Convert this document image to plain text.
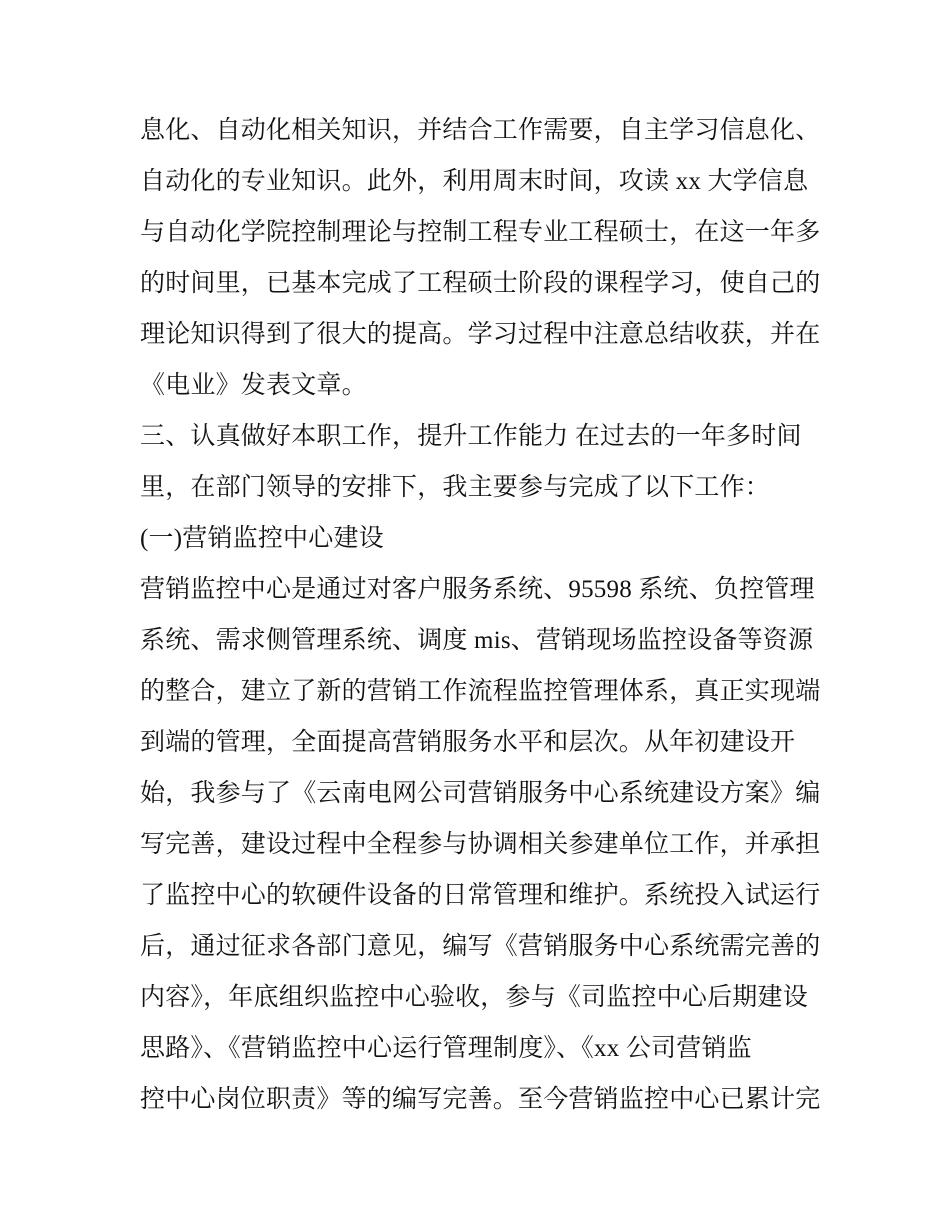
息化、自动化相关知识，并结合工作需要，自主学习信息化、
自动化的专业知识。此外，利用周末时间，攻读 xx 大学信息
与自动化学院控制理论与控制工程专业工程硕士，在这一年多
的时间里，已基本完成了工程硕士阶段的课程学习，使自己的
理论知识得到了很大的提高。学习过程中注意总结收获，并在
《电业》发表文章。
三、认真做好本职工作，提升工作能力 在过去的一年多时间
里，在部门领导的安排下，我主要参与完成了以下工作：
(一)营销监控中心建设
营销监控中心是通过对客户服务系统、95598 系统、负控管理
系统、需求侧管理系统、调度 mis、营销现场监控设备等资源
的整合，建立了新的营销工作流程监控管理体系，真正实现端
到端的管理，全面提高营销服务水平和层次。从年初建设开
始，我参与了《云南电网公司营销服务中心系统建设方案》编
写完善，建设过程中全程参与协调相关参建单位工作，并承担
了监控中心的软硬件设备的日常管理和维护。系统投入试运行
后，通过征求各部门意见，编写《营销服务中心系统需完善的
内容》，年底组织监控中心验收，参与《司监控中心后期建设
思路》、《营销监控中心运行管理制度》、《xx 公司营销监
控中心岗位职责》等的编写完善。至今营销监控中心已累计完
